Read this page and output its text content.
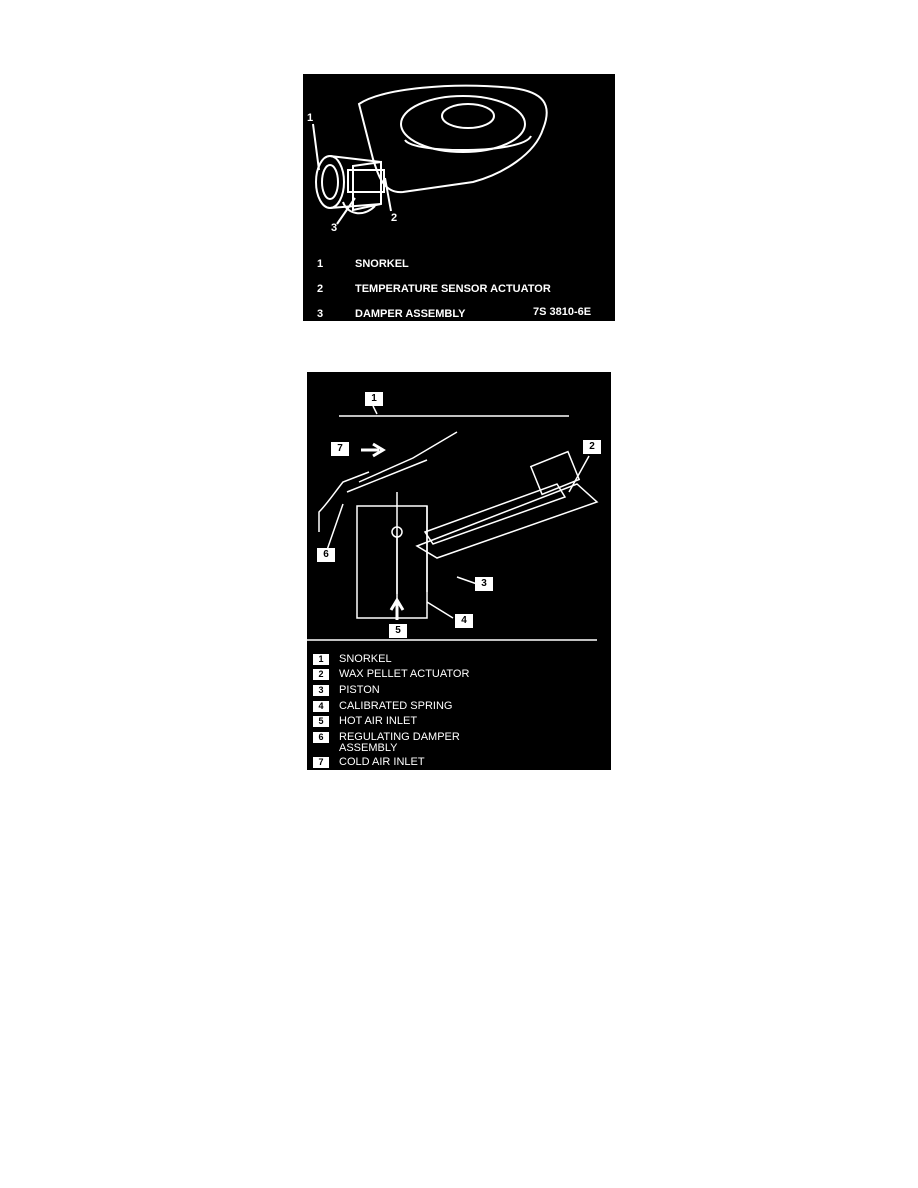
1
2
3
1	SNORKEL
2	TEMPERATURE SENSOR ACTUATOR
3	DAMPER ASSEMBLY	7S 3810-6E
1
2
3
4
5
6
7
1	SNORKEL
2	WAX PELLET ACTUATOR
3	PISTON
4	CALIBRATED SPRING
5	HOT AIR INLET
6	REGULATING DAMPER
ASSEMBLY
7	COLD AIR INLET
